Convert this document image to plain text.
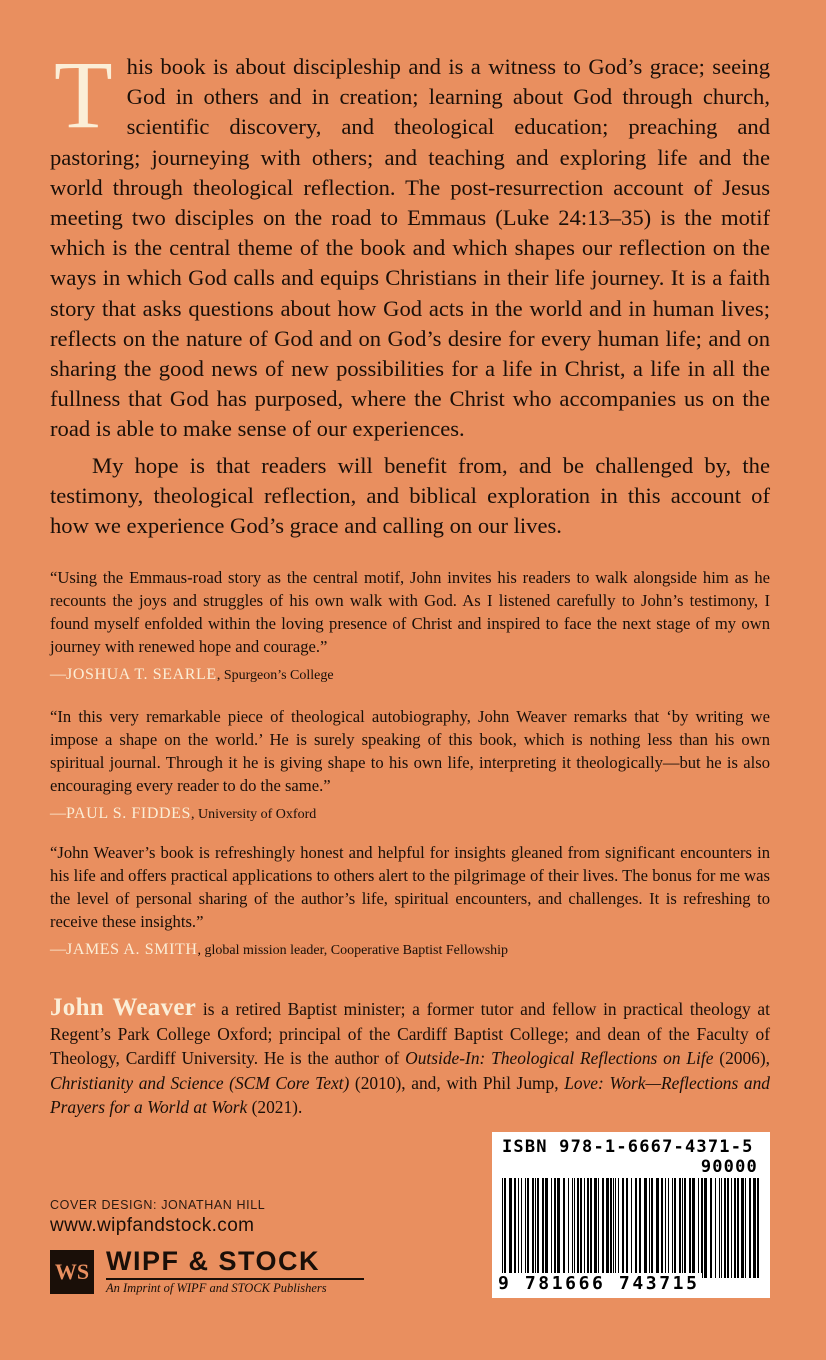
This book is about discipleship and is a witness to God’s grace; seeing God in others and in creation; learning about God through church, scientific discovery, and theological education; preaching and pastoring; journeying with others; and teaching and exploring life and the world through theological reflection. The post-resurrection account of Jesus meeting two disciples on the road to Emmaus (Luke 24:13–35) is the motif which is the central theme of the book and which shapes our reflection on the ways in which God calls and equips Christians in their life journey. It is a faith story that asks questions about how God acts in the world and in human lives; reflects on the nature of God and on God’s desire for every human life; and on sharing the good news of new possibilities for a life in Christ, a life in all the fullness that God has purposed, where the Christ who accompanies us on the road is able to make sense of our experiences.

My hope is that readers will benefit from, and be challenged by, the testimony, theological reflection, and biblical exploration in this account of how we experience God’s grace and calling on our lives.

“Using the Emmaus-road story as the central motif, John invites his readers to walk alongside him as he recounts the joys and struggles of his own walk with God. As I listened carefully to John’s testimony, I found myself enfolded within the loving presence of Christ and inspired to face the next stage of my own journey with renewed hope and courage.”

—JOSHUA T. SEARLE, Spurgeon’s College

“In this very remarkable piece of theological autobiography, John Weaver remarks that ‘by writing we impose a shape on the world.’ He is surely speaking of this book, which is nothing less than his own spiritual journal. Through it he is giving shape to his own life, interpreting it theologically—but he is also encouraging every reader to do the same.”

—PAUL S. FIDDES, University of Oxford

“John Weaver’s book is refreshingly honest and helpful for insights gleaned from significant encounters in his life and offers practical applications to others alert to the pilgrimage of their lives. The bonus for me was the level of personal sharing of the author’s life, spiritual encounters, and challenges. It is refreshing to receive these insights.”

—JAMES A. SMITH, global mission leader, Cooperative Baptist Fellowship

John Weaver is a retired Baptist minister; a former tutor and fellow in practical theology at Regent’s Park College Oxford; principal of the Cardiff Baptist College; and dean of the Faculty of Theology, Cardiff University. He is the author of Outside-In: Theological Reflections on Life (2006), Christianity and Science (SCM Core Text) (2010), and, with Phil Jump, Love: Work—Reflections and Prayers for a World at Work (2021).

COVER DESIGN: JONATHAN HILL
www.wipfandstock.com
WS WIPF & STOCK
An Imprint of WIPF and STOCK Publishers
ISBN 978-1-6667-4371-5
90000
9 781666 743715
